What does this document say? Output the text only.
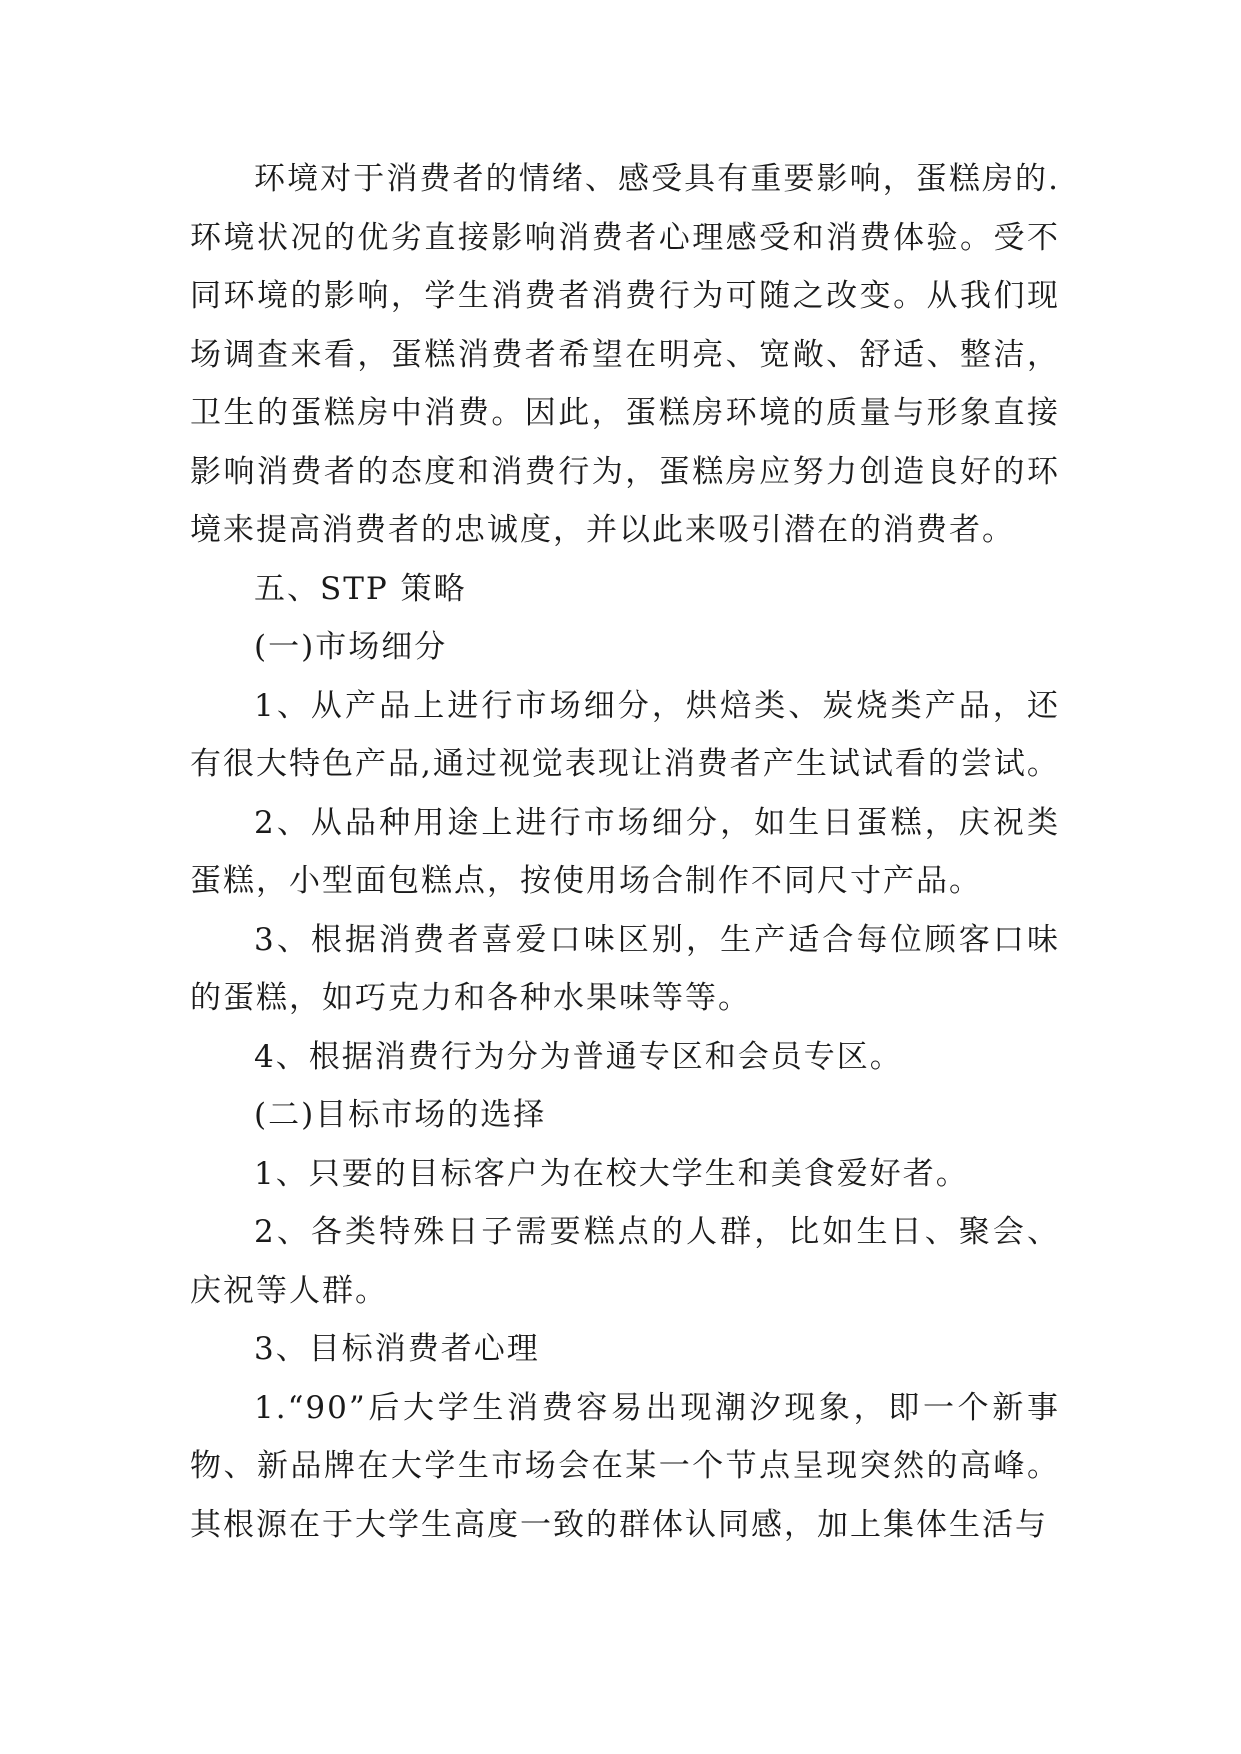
环境对于消费者的情绪、感受具有重要影响，蛋糕房的.环境状况的优劣直接影响消费者心理感受和消费体验。受不同环境的影响，学生消费者消费行为可随之改变。从我们现场调查来看，蛋糕消费者希望在明亮、宽敞、舒适、整洁，卫生的蛋糕房中消费。因此，蛋糕房环境的质量与形象直接影响消费者的态度和消费行为，蛋糕房应努力创造良好的环境来提高消费者的忠诚度，并以此来吸引潜在的消费者。

五、STP 策略

(一)市场细分

1、从产品上进行市场细分，烘焙类、炭烧类产品，还有很大特色产品,通过视觉表现让消费者产生试试看的尝试。

2、从品种用途上进行市场细分，如生日蛋糕，庆祝类蛋糕，小型面包糕点，按使用场合制作不同尺寸产品。

3、根据消费者喜爱口味区别，生产适合每位顾客口味的蛋糕，如巧克力和各种水果味等等。

4、根据消费行为分为普通专区和会员专区。

(二)目标市场的选择

1、只要的目标客户为在校大学生和美食爱好者。

2、各类特殊日子需要糕点的人群，比如生日、聚会、庆祝等人群。

3、目标消费者心理

1.“90”后大学生消费容易出现潮汐现象，即一个新事物、新品牌在大学生市场会在某一个节点呈现突然的高峰。其根源在于大学生高度一致的群体认同感，加上集体生活与
